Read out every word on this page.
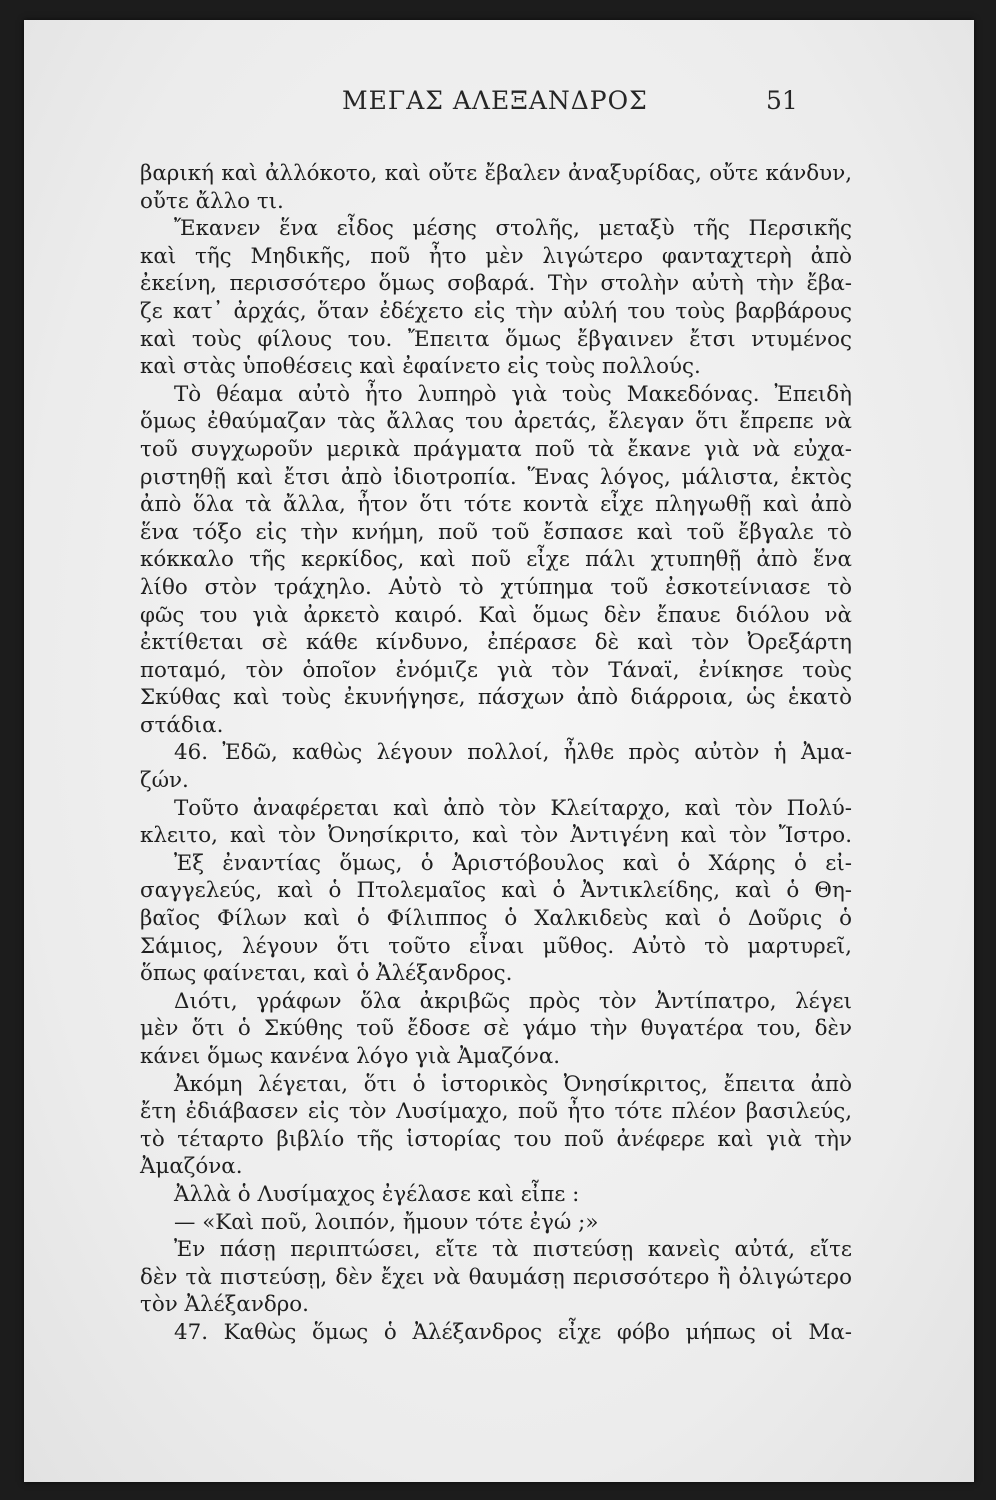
ΜΕΓΑΣ ΑΛΕΞΑΝΔΡΟΣ	51
βαρική καὶ ἀλλόκοτο, καὶ οὔτε ἔβαλεν ἀναξυρίδας, οὔτε κάνδυν,
οὔτε ἄλλο τι.
Ἔκανεν ἕνα εἶδος μέσης στολῆς, μεταξὺ τῆς Περσικῆς
καὶ τῆς Μηδικῆς, ποῦ ἦτο μὲν λιγώτερο φανταχτερὴ ἀπὸ
ἐκείνη, περισσότερο ὅμως σοβαρά. Τὴν στολὴν αὐτὴ τὴν ἔβα-
ζε κατ᾽ ἀρχάς, ὅταν ἐδέχετο εἰς τὴν αὐλή του τοὺς βαρβάρους
καὶ τοὺς φίλους του. Ἔπειτα ὅμως ἔβγαινεν ἔτσι ντυμένος
καὶ στὰς ὑποθέσεις καὶ ἐφαίνετο εἰς τοὺς πολλούς.
Τὸ θέαμα αὐτὸ ἦτο λυπηρὸ γιὰ τοὺς Μακεδόνας. Ἐπειδὴ
ὅμως ἐθαύμαζαν τὰς ἄλλας του ἀρετάς, ἔλεγαν ὅτι ἔπρεπε νὰ
τοῦ συγχωροῦν μερικὰ πράγματα ποῦ τὰ ἔκανε γιὰ νὰ εὐχα-
ριστηθῇ καὶ ἔτσι ἀπὸ ἰδιοτροπία. Ἕνας λόγος, μάλιστα, ἐκτὸς
ἀπὸ ὅλα τὰ ἄλλα, ἦτον ὅτι τότε κοντὰ εἶχε πληγωθῇ καὶ ἀπὸ
ἕνα τόξο εἰς τὴν κνήμη, ποῦ τοῦ ἔσπασε καὶ τοῦ ἔβγαλε τὸ
κόκκαλο τῆς κερκίδος, καὶ ποῦ εἶχε πάλι χτυπηθῇ ἀπὸ ἕνα
λίθο στὸν τράχηλο. Αὐτὸ τὸ χτύπημα τοῦ ἐσκοτείνιασε τὸ
φῶς του γιὰ ἀρκετὸ καιρό. Καὶ ὅμως δὲν ἔπαυε διόλου νὰ
ἐκτίθεται σὲ κάθε κίνδυνο, ἐπέρασε δὲ καὶ τὸν Ὀρεξάρτη
ποταμό, τὸν ὁποῖον ἐνόμιζε γιὰ τὸν Τάναϊ, ἐνίκησε τοὺς
Σκύθας καὶ τοὺς ἐκυνήγησε, πάσχων ἀπὸ διάρροια, ὡς ἑκατὸ
στάδια.
46. Ἐδῶ, καθὼς λέγουν πολλοί, ἦλθε πρὸς αὐτὸν ἡ Ἀμα-
ζών.
Τοῦτο ἀναφέρεται καὶ ἀπὸ τὸν Κλείταρχο, καὶ τὸν Πολύ-
κλειτο, καὶ τὸν Ὀνησίκριτο, καὶ τὸν Ἀντιγένη καὶ τὸν Ἴστρο.
Ἐξ ἐναντίας ὅμως, ὁ Ἀριστόβουλος καὶ ὁ Χάρης ὁ εἰ-
σαγγελεύς, καὶ ὁ Πτολεμαῖος καὶ ὁ Ἀντικλείδης, καὶ ὁ Θη-
βαῖος Φίλων καὶ ὁ Φίλιππος ὁ Χαλκιδεὺς καὶ ὁ Δοῦρις ὁ
Σάμιος, λέγουν ὅτι τοῦτο εἶναι μῦθος. Αὐτὸ τὸ μαρτυρεῖ,
ὅπως φαίνεται, καὶ ὁ Ἀλέξανδρος.
Διότι, γράφων ὅλα ἀκριβῶς πρὸς τὸν Ἀντίπατρο, λέγει
μὲν ὅτι ὁ Σκύθης τοῦ ἔδοσε σὲ γάμο τὴν θυγατέρα του, δὲν
κάνει ὅμως κανένα λόγο γιὰ Ἀμαζόνα.
Ἀκόμη λέγεται, ὅτι ὁ ἱστορικὸς Ὀνησίκριτος, ἔπειτα ἀπὸ
ἔτη ἐδιάβασεν εἰς τὸν Λυσίμαχο, ποῦ ἦτο τότε πλέον βασιλεύς,
τὸ τέταρτο βιβλίο τῆς ἱστορίας του ποῦ ἀνέφερε καὶ γιὰ τὴν
Ἀμαζόνα.
Ἀλλὰ ὁ Λυσίμαχος ἐγέλασε καὶ εἶπε :
— «Καὶ ποῦ, λοιπόν, ἤμουν τότε ἐγώ ;»
Ἐν πάσῃ περιπτώσει, εἴτε τὰ πιστεύσῃ κανεὶς αὐτά, εἴτε
δὲν τὰ πιστεύσῃ, δὲν ἔχει νὰ θαυμάσῃ περισσότερο ἢ ὀλιγώτερο
τὸν Ἀλέξανδρο.
47. Καθὼς ὅμως ὁ Ἀλέξανδρος εἶχε φόβο μήπως οἱ Μα-
